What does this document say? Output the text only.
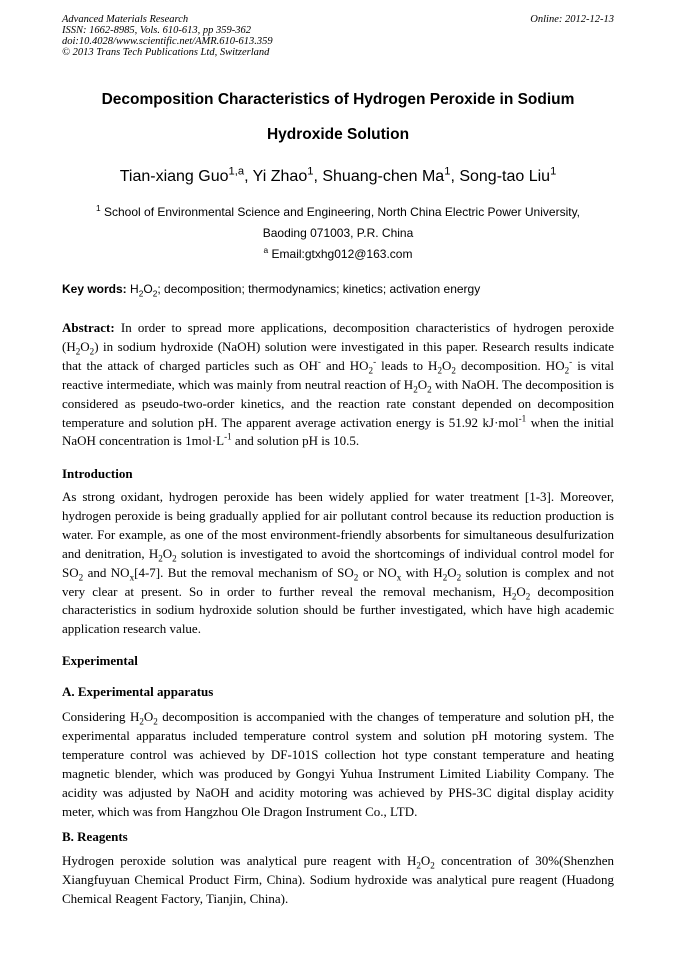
Advanced Materials Research
ISSN: 1662-8985, Vols. 610-613, pp 359-362
doi:10.4028/www.scientific.net/AMR.610-613.359
© 2013 Trans Tech Publications Ltd, Switzerland
Online: 2012-12-13
Decomposition Characteristics of Hydrogen Peroxide in Sodium
Hydroxide Solution
Tian-xiang Guo$^{1,a}$, Yi Zhao$^1$, Shuang-chen Ma$^1$, Song-tao Liu$^1$
$^1$ School of Environmental Science and Engineering, North China Electric Power University,
Baoding 071003, P.R. China
$^a$ Email:gtxhg012@163.com
Key words: $H_2O_2$; decomposition; thermodynamics; kinetics; activation energy

Abstract: In order to spread more applications, decomposition characteristics of hydrogen peroxide $(H_2O_2)$ in sodium hydroxide (NaOH) solution were investigated in this paper. Research results indicate that the attack of charged particles such as OH- and $HO_2^-$ leads to $H_2O_2$ decomposition. $HO_2^-$ is vital reactive intermediate, which was mainly from neutral reaction of $H_2O_2$ with NaOH. The decomposition is considered as pseudo-two-order kinetics, and the reaction rate constant depended on decomposition temperature and solution pH. The apparent average activation energy is 51.92 kJ·mol$^{-1}$ when the initial NaOH concentration is $1mol\cdot L^{-1}$ and solution pH is 10.5.

Introduction

As strong oxidant, hydrogen peroxide has been widely applied for water treatment [1-3]. Moreover, hydrogen peroxide is being gradually applied for air pollutant control because its reduction production is water. For example, as one of the most environment-friendly absorbents for simultaneous desulfurization and denitration, $H_2O_2$ solution is investigated to avoid the shortcomings of individual control model for $SO_2$ and $NO_x[4-7]$. But the removal mechanism of $SO_2$ or $NO_x$ with $H_2O_2$ solution is complex and not very clear at present. So in order to further reveal the removal mechanism, $H_2O_2$ decomposition characteristics in sodium hydroxide solution should be further investigated, which have high academic application research value.

Experimental
A. Experimental apparatus

Considering $H_2O_2$ decomposition is accompanied with the changes of temperature and solution pH, the experimental apparatus included temperature control system and solution pH motoring system. The temperature control was achieved by DF-101S collection hot type constant temperature and heating magnetic blender, which was produced by Gongyi Yuhua Instrument Limited Liability Company. The acidity was adjusted by NaOH and acidity motoring was achieved by PHS-3C digital display acidity meter, which was from Hangzhou Ole Dragon Instrument Co., LTD.

B. Reagents

Hydrogen peroxide solution was analytical pure reagent with $H_2O_2$ concentration of 30%(Shenzhen Xiangfuyuan Chemical Product Firm, China). Sodium hydroxide was analytical pure reagent (Huadong Chemical Reagent Factory, Tianjin, China).
